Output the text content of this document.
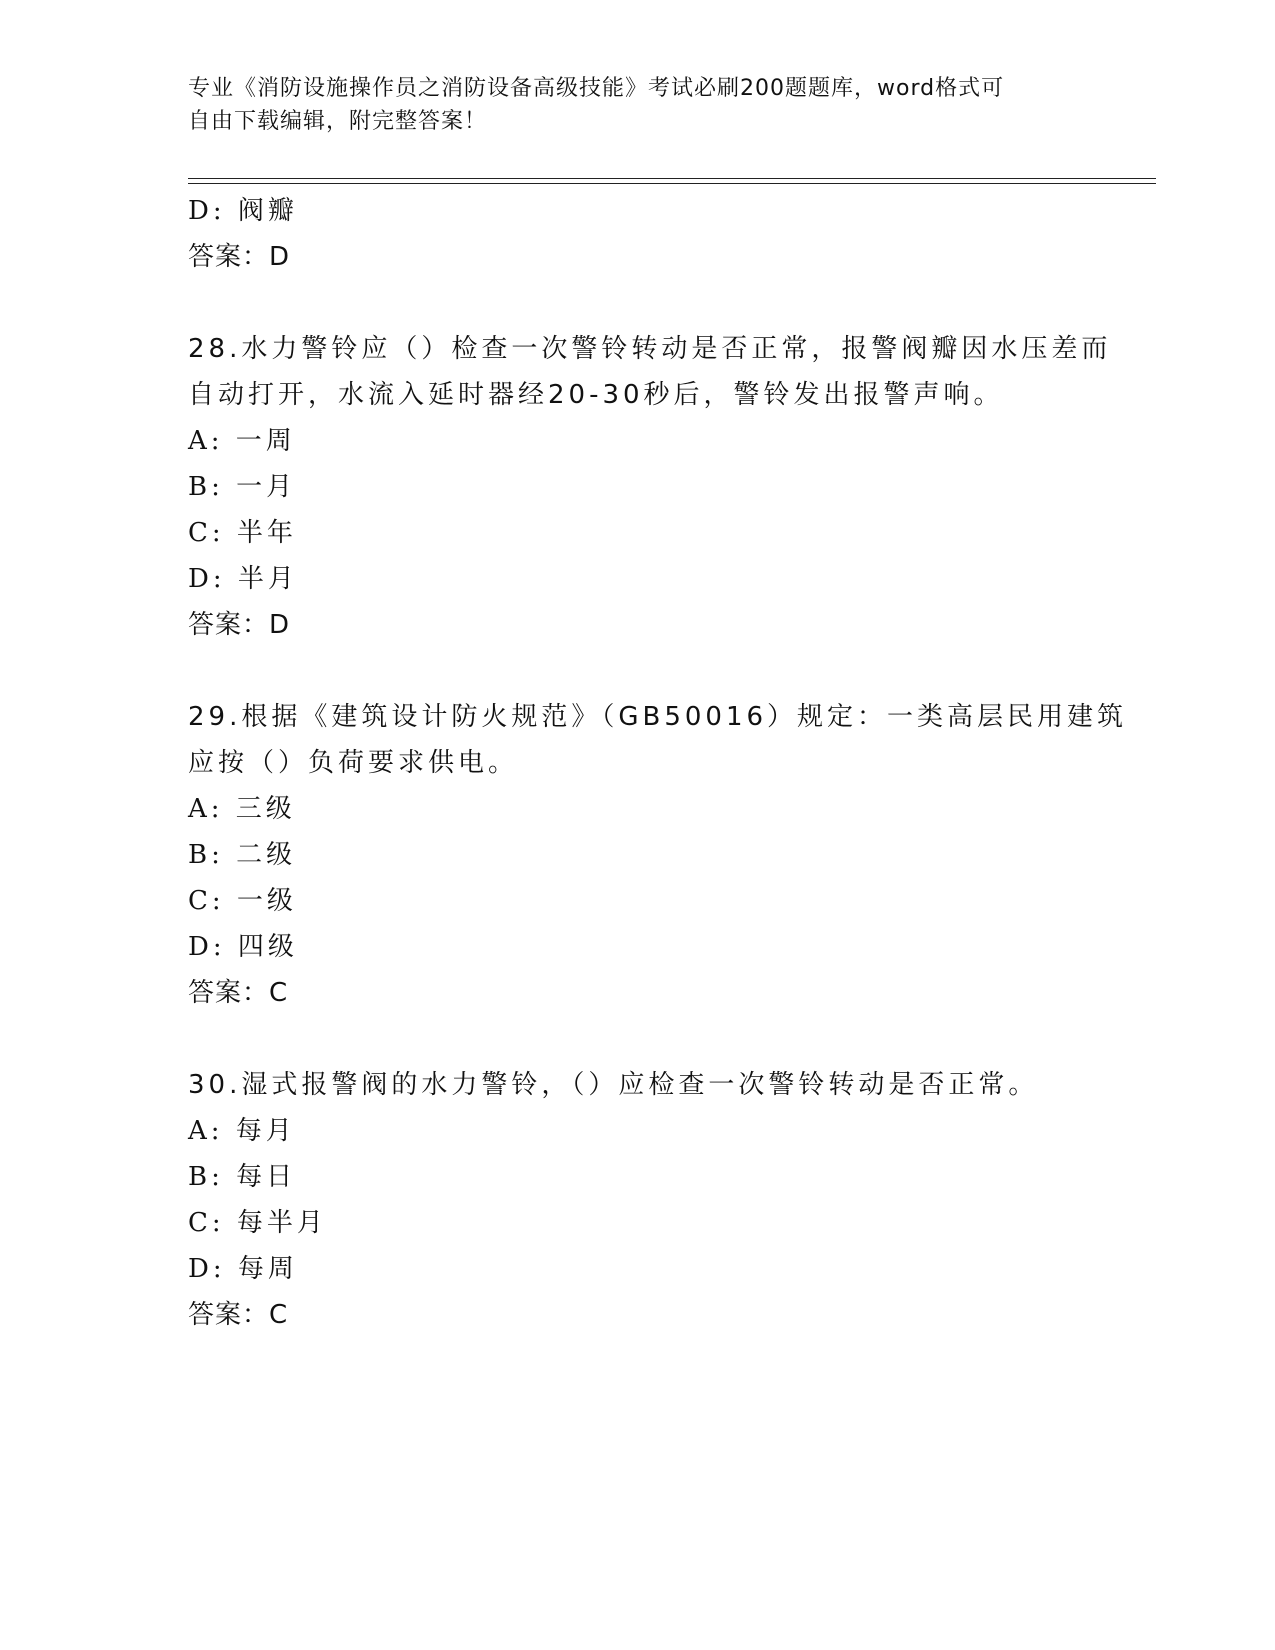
专业《消防设施操作员之消防设备高级技能》考试必刷200题题库，word格式可
自由下载编辑，附完整答案！
D: 阀瓣
答案：D
28.水力警铃应（）检查一次警铃转动是否正常，报警阀瓣因水压差而
自动打开，水流入延时器经20-30秒后，警铃发出报警声响。
A: 一周
B: 一月
C: 半年
D: 半月
答案：D
29.根据《建筑设计防火规范》（GB50016）规定：一类高层民用建筑
应按（）负荷要求供电。
A: 三级
B: 二级
C: 一级
D: 四级
答案：C
30.湿式报警阀的水力警铃，（）应检查一次警铃转动是否正常。
A: 每月
B: 每日
C: 每半月
D: 每周
答案：C
